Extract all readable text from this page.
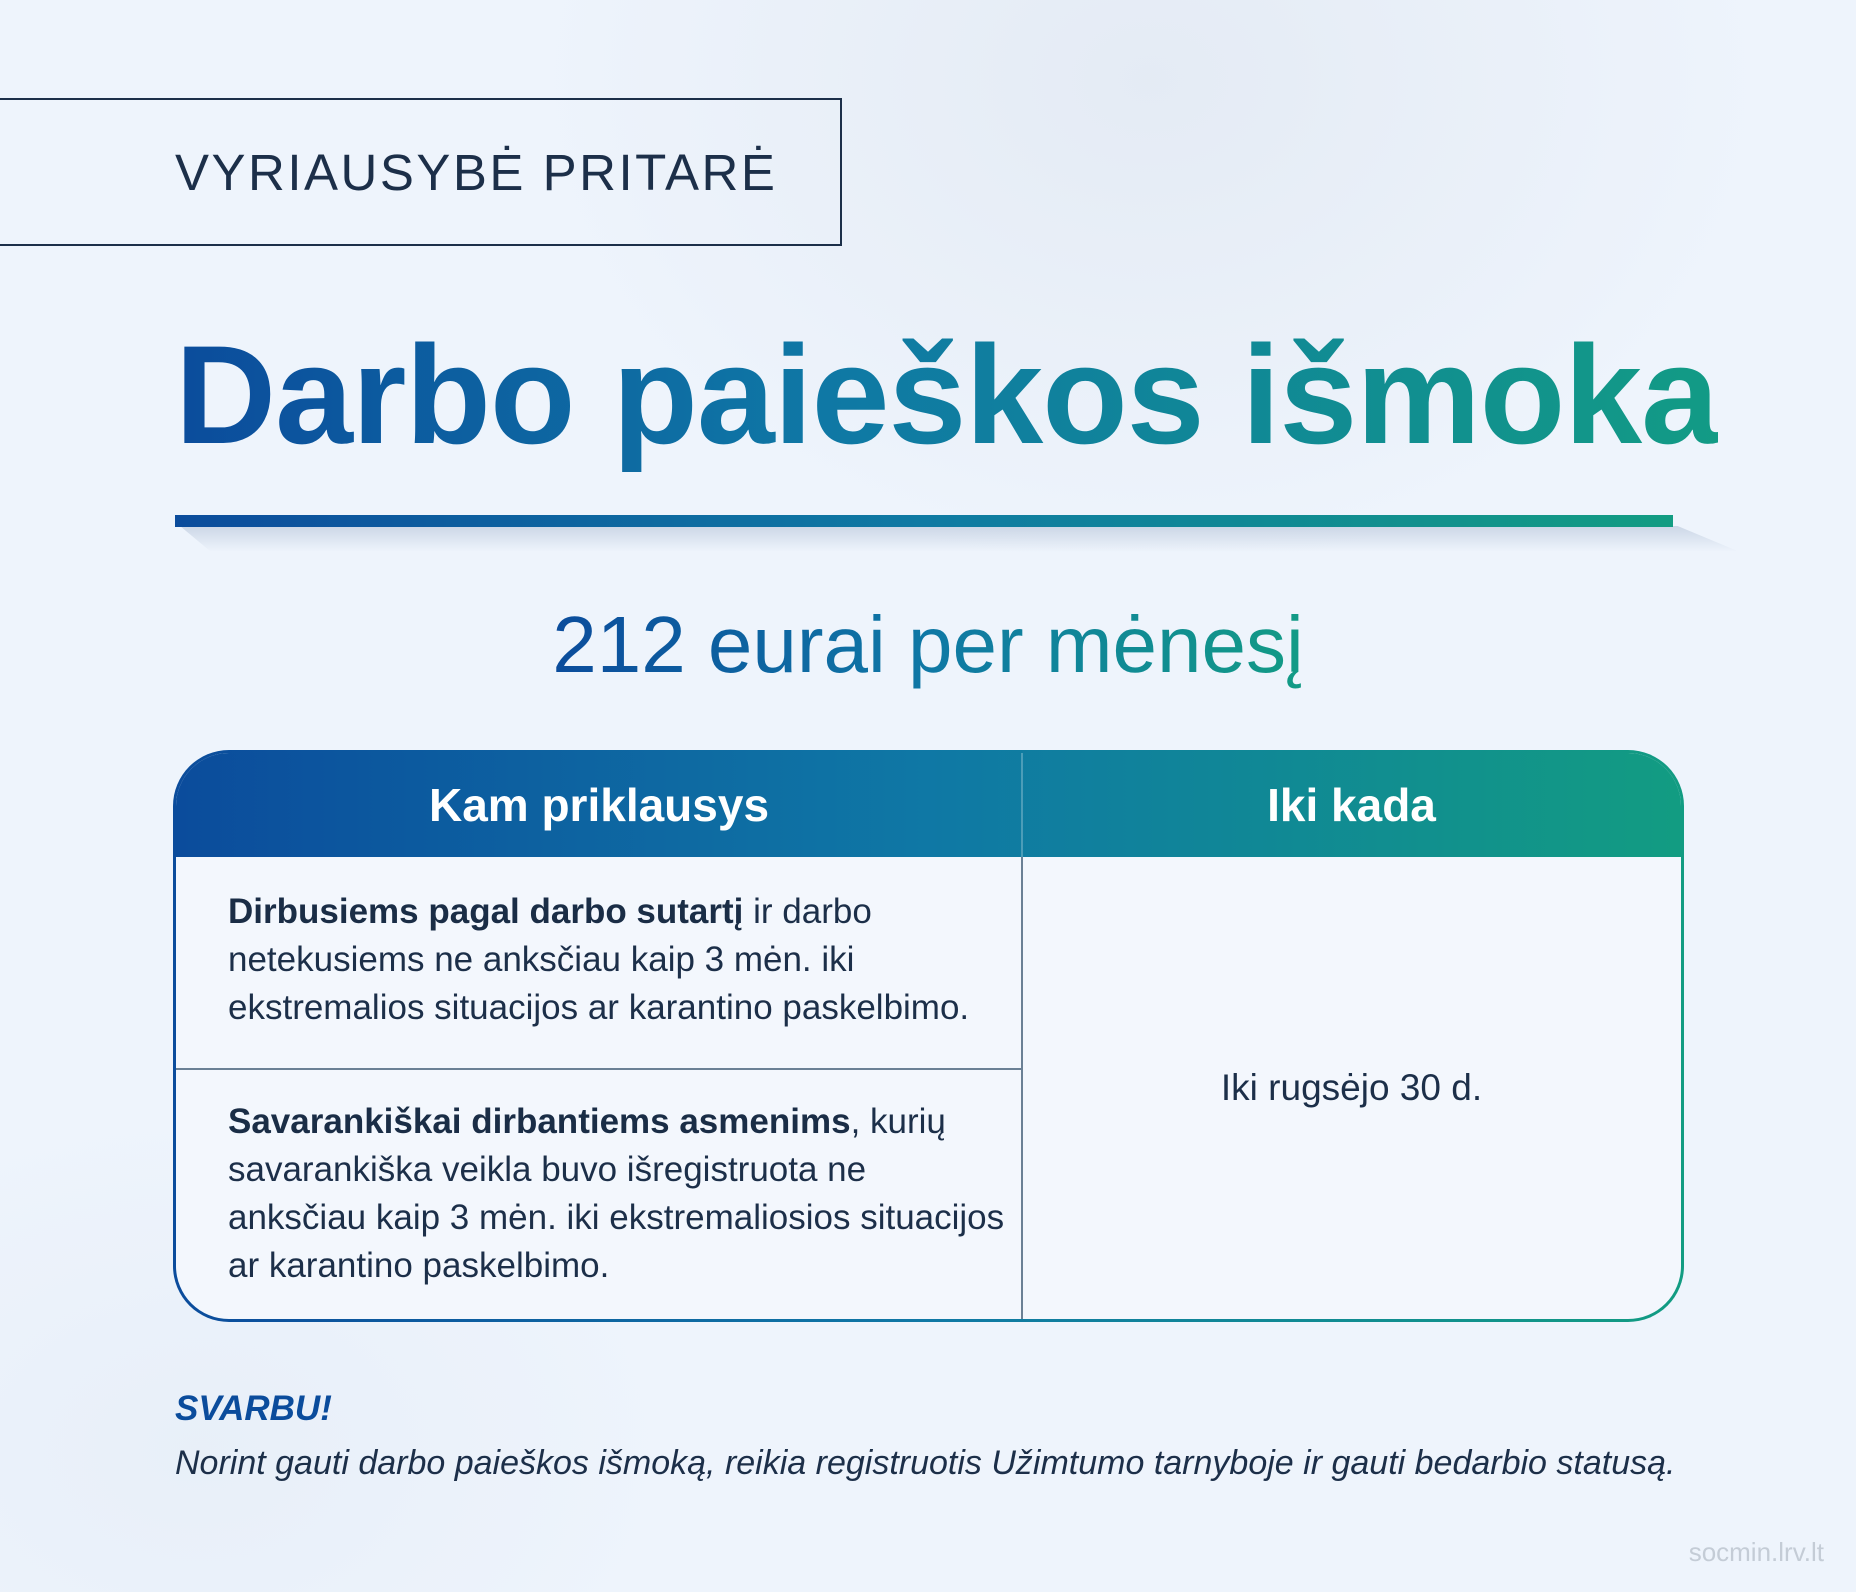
VYRIAUSYBĖ PRITARĖ
Darbo paieškos išmoka
212 eurai per mėnesį
Kam priklausys	Iki kada
Dirbusiems pagal darbo sutartį ir darbo netekusiems ne anksčiau kaip 3 mėn. iki ekstremalios situacijos ar karantino paskelbimo.
Savarankiškai dirbantiems asmenims, kurių savarankiška veikla buvo išregistruota ne anksčiau kaip 3 mėn. iki ekstremaliosios situacijos ar karantino paskelbimo.
Iki rugsėjo 30 d.
SVARBU!
Norint gauti darbo paieškos išmoką, reikia registruotis Užimtumo tarnyboje ir gauti bedarbio statusą.
socmin.lrv.lt
